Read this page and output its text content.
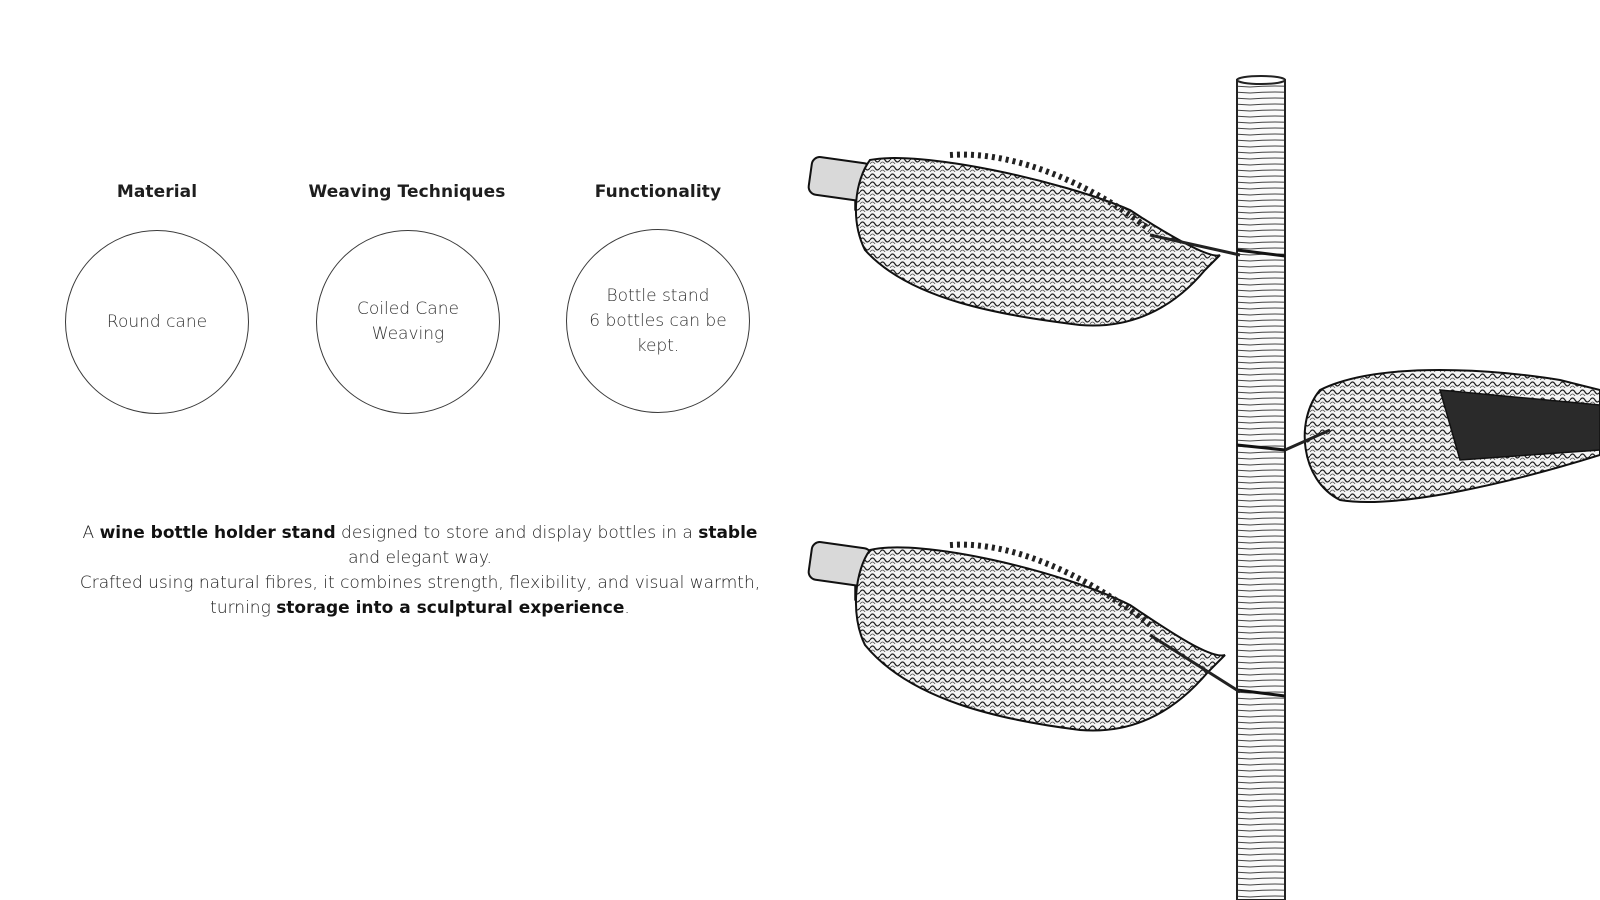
Material	Weaving Techniques	Functionality
Round cane
Coiled Cane
Weaving
Bottle stand
6 bottles can be
kept.
A wine bottle holder stand designed to store and display bottles in a stable and elegant way.
Crafted using natural fibres, it combines strength, flexibility, and visual warmth, turning storage into a sculptural experience.
